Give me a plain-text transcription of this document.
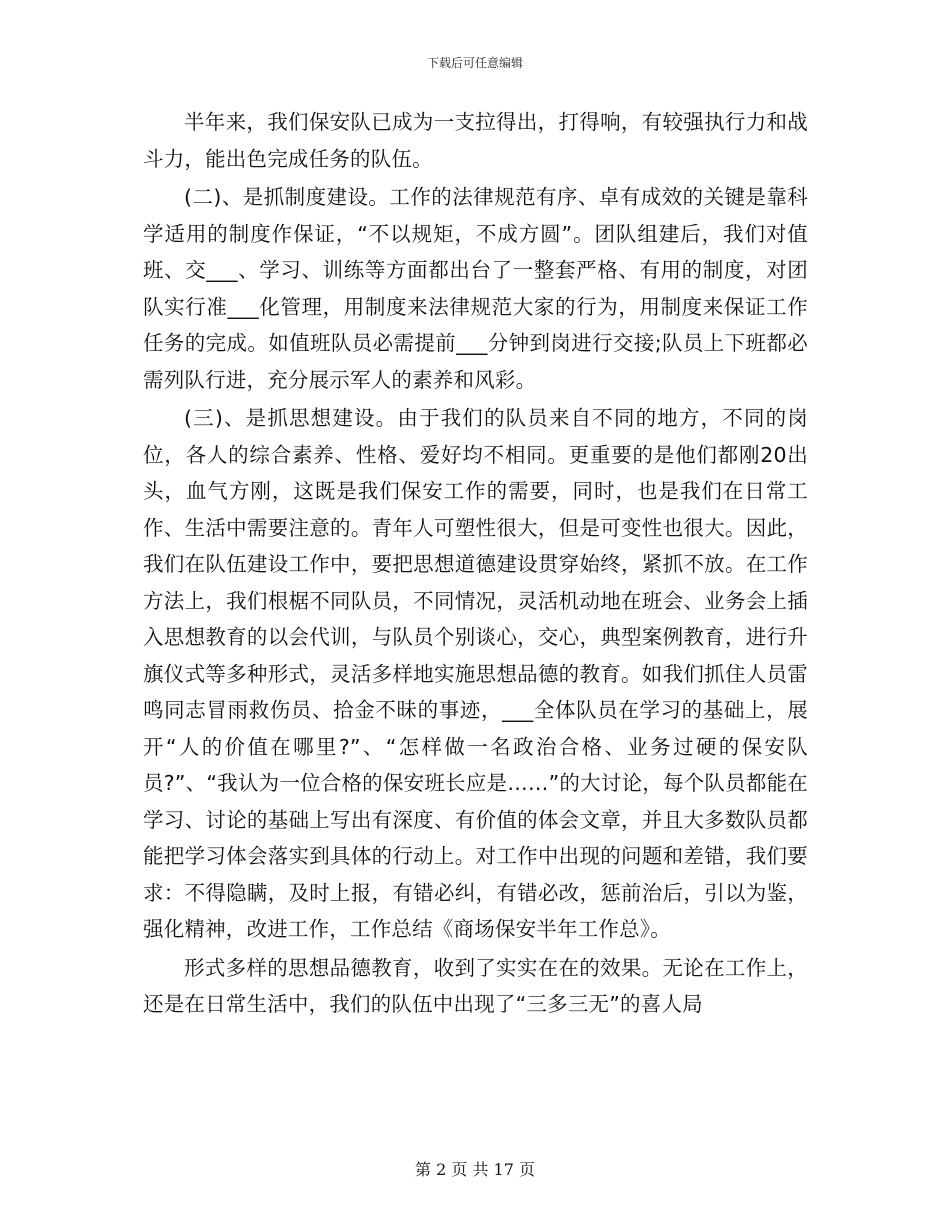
下载后可任意编辑

半年来，我们保安队已成为一支拉得出，打得响，有较强执行力和战斗力，能出色完成任务的队伍。

(二)、是抓制度建设。工作的法律规范有序、卓有成效的关键是靠科学适用的制度作保证，“不以规矩，不成方圆”。团队组建后，我们对值班、交___、学习、训练等方面都出台了一整套严格、有用的制度，对团队实行准___化管理，用制度来法律规范大家的行为，用制度来保证工作任务的完成。如值班队员必需提前___分钟到岗进行交接;队员上下班都必需列队行进，充分展示军人的素养和风彩。

(三)、是抓思想建设。由于我们的队员来自不同的地方，不同的岗位，各人的综合素养、性格、爱好均不相同。更重要的是他们都刚20出头，血气方刚，这既是我们保安工作的需要，同时，也是我们在日常工作、生活中需要注意的。青年人可塑性很大，但是可变性也很大。因此，我们在队伍建设工作中，要把思想道德建设贯穿始终，紧抓不放。在工作方法上，我们根椐不同队员，不同情况，灵活机动地在班会、业务会上插入思想教育的以会代训，与队员个别谈心，交心，典型案例教育，进行升旗仪式等多种形式，灵活多样地实施思想品德的教育。如我们抓住人员雷鸣同志冒雨救伤员、拾金不昧的事迹，___全体队员在学习的基础上，展开“人的价值在哪里?”、“怎样做一名政治合格、业务过硬的保安队员?”、“我认为一位合格的保安班长应是……”的大讨论，每个队员都能在学习、讨论的基础上写出有深度、有价值的体会文章，并且大多数队员都能把学习体会落实到具体的行动上。对工作中出现的问题和差错，我们要求：不得隐瞒，及时上报，有错必纠，有错必改，惩前治后，引以为鉴，强化精神，改进工作，工作总结《商场保安半年工作总》。

形式多样的思想品德教育，收到了实实在在的效果。无论在工作上，还是在日常生活中，我们的队伍中出现了“三多三无”的喜人局

第 2 页 共 17 页
